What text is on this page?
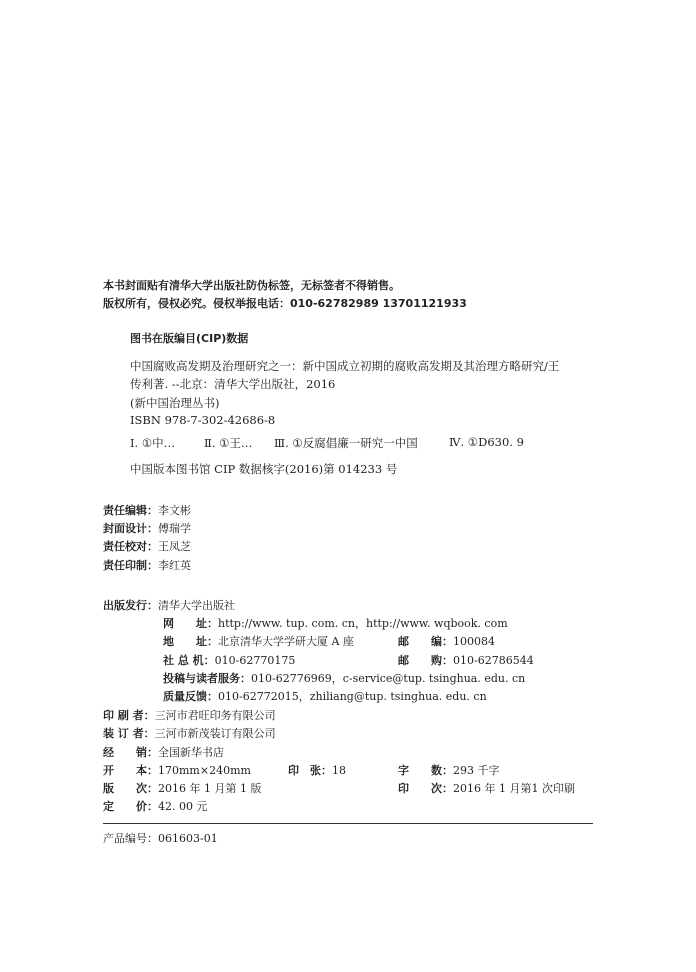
本书封面贴有清华大学出版社防伪标签，无标签者不得销售。
版权所有，侵权必究。侵权举报电话：010-62782989 13701121933
图书在版编目(CIP)数据
中国腐败高发期及治理研究之一：新中国成立初期的腐败高发期及其治理方略研究/王
传利著. --北京：清华大学出版社，2016
(新中国治理丛书)
ISBN 978-7-302-42686-8
Ⅰ. ①中…	Ⅱ. ①王… Ⅲ. ①反腐倡廉一研究一中国	Ⅳ. ①D630. 9
中国版本图书馆 CIP 数据核字(2016)第 014233 号
责任编辑：李文彬
封面设计：傅瑞学
责任校对：王凤芝
责任印制：李红英
出版发行：清华大学出版社
网　　址：http://www. tup. com. cn，http://www. wqbook. com
地　　址：北京清华大学学研大厦 A 座	邮　　编：100084
社 总 机：010-62770175	邮　　购：010-62786544
投稿与读者服务：010-62776969，c-service@tup. tsinghua. edu. cn
质量反馈：010-62772015，zhiliang@tup. tsinghua. edu. cn
印 刷 者：三河市君旺印务有限公司
装 订 者：三河市新茂装订有限公司
经　　销：全国新华书店
开　　本：170mm×240mm	印　张：18	字　　数：293 千字
版　　次：2016 年 1 月第 1 版	印　　次：2016 年 1 月第1 次印刷
定　　价：42. 00 元
产品编号：061603-01
